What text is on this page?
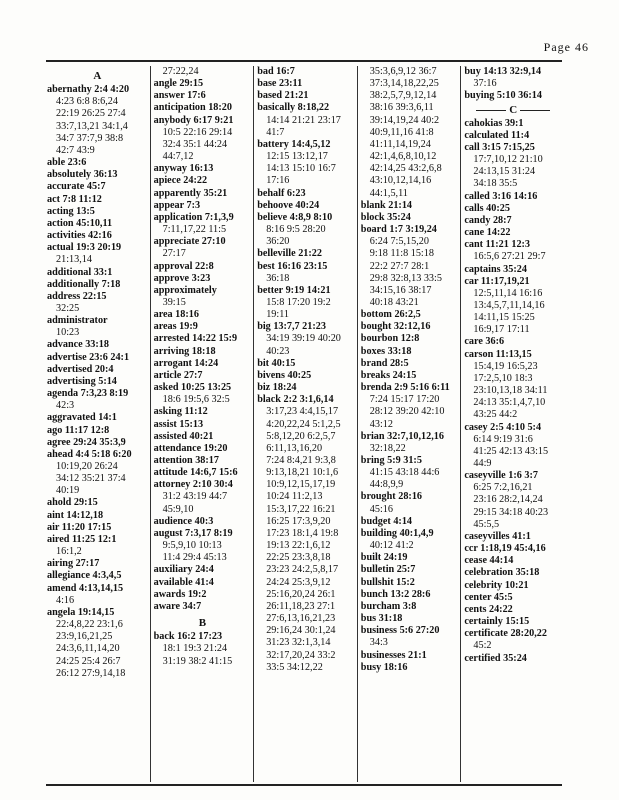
Page 46
A
abernathy 2:4 4:20
4:23 6:8 8:6,24
22:19 26:25 27:4
33:7,13,21 34:1,4
34:7 37:7,9 38:8
42:7 43:9
able 23:6
absolutely 36:13
accurate 45:7
act 7:8 11:12
acting 13:5
action 45:10,11
activities 42:16
actual 19:3 20:19
21:13,14
additional 33:1
additionally 7:18
address 22:15
32:25
administrator
10:23
advance 33:18
advertise 23:6 24:1
advertised 20:4
advertising 5:14
agenda 7:3,23 8:19
42:3
aggravated 14:1
ago 11:17 12:8
agree 29:24 35:3,9
ahead 4:4 5:18 6:20
10:19,20 26:24
34:12 35:21 37:4
40:19
ahold 29:15
aint 14:12,18
air 11:20 17:15
aired 11:25 12:1
16:1,2
airing 27:17
allegiance 4:3,4,5
amend 4:13,14,15
4:16
angela 19:14,15
22:4,8,22 23:1,6
23:9,16,21,25
24:3,6,11,14,20
24:25 25:4 26:7
26:12 27:9,14,18
27:22,24
angle 29:15
answer 17:6
anticipation 18:20
anybody 6:17 9:21
10:5 22:16 29:14
32:4 35:1 44:24
44:7,12
anyway 16:13
apiece 24:22
apparently 35:21
appear 7:3
application 7:1,3,9
7:11,17,22 11:5
appreciate 27:10
27:17
approval 22:8
approve 3:23
approximately
39:15
area 18:16
areas 19:9
arrested 14:22 15:9
arriving 18:18
arrogant 14:24
article 27:7
asked 10:25 13:25
18:6 19:5,6 32:5
asking 11:12
assist 15:13
assisted 40:21
attendance 19:20
attention 38:17
attitude 14:6,7 15:6
attorney 2:10 30:4
31:2 43:19 44:7
45:9,10
audience 40:3
august 7:3,17 8:19
9:5,9,10 10:13
11:4 29:4 45:13
auxiliary 24:4
available 41:4
awards 19:2
aware 34:7
B
back 16:2 17:23
18:1 19:3 21:24
31:19 38:2 41:15
bad 16:7
base 23:11
based 21:21
basically 8:18,22
14:14 21:21 23:17
41:7
battery 14:4,5,12
12:15 13:12,17
14:13 15:10 16:7
17:16
behalf 6:23
behoove 40:24
believe 4:8,9 8:10
8:16 9:5 28:20
36:20
belleville 21:22
best 16:16 23:15
36:18
better 9:19 14:21
15:8 17:20 19:2
19:11
big 13:7,7 21:23
34:19 39:19 40:20
40:23
bit 40:15
bivens 40:25
biz 18:24
black 2:2 3:1,6,14
3:17,23 4:4,15,17
4:20,22,24 5:1,2,5
5:8,12,20 6:2,5,7
6:11,13,16,20
7:24 8:4,21 9:3,8
9:13,18,21 10:1,6
10:9,12,15,17,19
10:24 11:2,13
15:3,17,22 16:21
16:25 17:3,9,20
17:23 18:1,4 19:8
19:13 22:1,6,12
22:25 23:3,8,18
23:23 24:2,5,8,17
24:24 25:3,9,12
25:16,20,24 26:1
26:11,18,23 27:1
27:6,13,16,21,23
29:16,24 30:1,24
31:23 32:1,3,14
32:17,20,24 33:2
33:5 34:12,22
35:3,6,9,12 36:7
37:3,14,18,22,25
38:2,5,7,9,12,14
38:16 39:3,6,11
39:14,19,24 40:2
40:9,11,16 41:8
41:11,14,19,24
42:1,4,6,8,10,12
42:14,25 43:2,6,8
43:10,12,14,16
44:1,5,11
blank 21:14
block 35:24
board 1:7 3:19,24
6:24 7:5,15,20
9:18 11:8 15:18
22:2 27:7 28:1
29:8 32:8,13 33:5
34:15,16 38:17
40:18 43:21
bottom 26:2,5
bought 32:12,16
bourbon 12:8
boxes 33:18
brand 28:5
breaks 24:15
brenda 2:9 5:16 6:11
7:24 15:17 17:20
28:12 39:20 42:10
43:12
brian 32:7,10,12,16
32:18,22
bring 5:9 31:5
41:15 43:18 44:6
44:8,9,9
brought 28:16
45:16
budget 4:14
building 40:1,4,9
40:12 41:2
built 24:19
bulletin 25:7
bullshit 15:2
bunch 13:2 28:6
burcham 3:8
bus 31:18
business 5:6 27:20
34:3
businesses 21:1
busy 18:16
buy 14:13 32:9,14
37:16
buying 5:10 36:14
C
cahokias 39:1
calculated 11:4
call 3:15 7:15,25
17:7,10,12 21:10
24:13,15 31:24
34:18 35:5
called 3:16 14:16
calls 40:25
candy 28:7
cane 14:22
cant 11:21 12:3
16:5,6 27:21 29:7
captains 35:24
car 11:17,19,21
12:5,11,14 16:16
13:4,5,7,11,14,16
14:11,15 15:25
16:9,17 17:11
care 36:6
carson 11:13,15
15:4,19 16:5,23
17:2,5,10 18:3
23:10,13,18 34:11
24:13 35:1,4,7,10
43:25 44:2
casey 2:5 4:10 5:4
6:14 9:19 31:6
41:25 42:13 43:15
44:9
caseyville 1:6 3:7
6:25 7:2,16,21
23:16 28:2,14,24
29:15 34:18 40:23
45:5,5
caseyvilles 41:1
ccr 1:18,19 45:4,16
cease 44:14
celebration 35:18
celebrity 10:21
center 45:5
cents 24:22
certainly 15:15
certificate 28:20,22
45:2
certified 35:24
